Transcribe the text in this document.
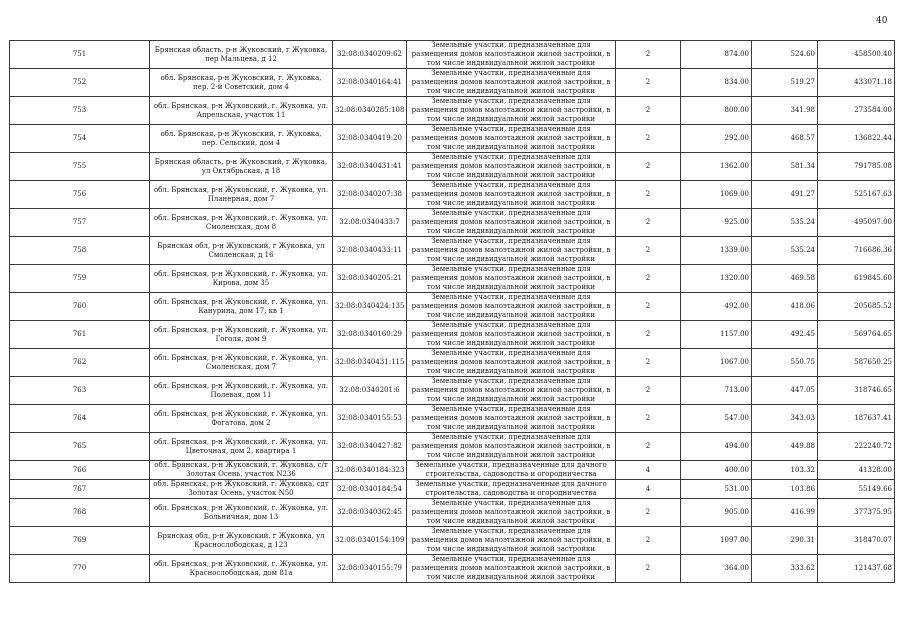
40
751	Брянская область, р-н Жуковский, г Жуковка, пер Мальцева, д 12	32:08:0340209:62	Земельные участки, предназначенные для размещения домов малоэтажной жилой застройки, в том числе индивидуальной жилой застройки	2	874.00	524.60	458500.40
752	обл. Брянская, р-н Жуковский, г. Жуковка, пер. 2-й Советский, дом 4	32:08:0340164:41	Земельные участки, предназначенные для размещения домов малоэтажной жилой застройки, в том числе индивидуальной жилой застройки	2	834.00	519.27	433071.18
753	обл. Брянская, р-н Жуковский, г. Жуковка, ул. Апрельская, участок 11	32:08:0340285:108	Земельные участки, предназначенные для размещения домов малоэтажной жилой застройки, в том числе индивидуальной жилой застройки	2	800.00	341.98	273584.00
754	обл. Брянская, р-н Жуковский, г. Жуковка, пер. Сельский, дом 4	32:08:0340419:20	Земельные участки, предназначенные для размещения домов малоэтажной жилой застройки, в том числе индивидуальной жилой застройки	2	292.00	468.57	136822.44
755	Брянская область, р-н Жуковский, г Жуковка, ул Октябрьская, д 18	32:08:0340431:41	Земельные участки, предназначенные для размещения домов малоэтажной жилой застройки, в том числе индивидуальной жилой застройки	2	1362.00	581.34	791785.08
756	обл. Брянская, р-н Жуковский, г. Жуковка, ул. Планерная, дом 7	32:08:0340207:38	Земельные участки, предназначенные для размещения домов малоэтажной жилой застройки, в том числе индивидуальной жилой застройки	2	1069.00	491.27	525167.63
757	обл. Брянская, р-н Жуковский, г. Жуковка, ул. Смоленская, дом 8	32:08:0340433:7	Земельные участки, предназначенные для размещения домов малоэтажной жилой застройки, в том числе индивидуальной жилой застройки	2	925.00	535.24	495097.00
758	Брянская обл, р-н Жуковский, г Жуковка, ул Смоленская, д 16	32:08:0340433:11	Земельные участки, предназначенные для размещения домов малоэтажной жилой застройки, в том числе индивидуальной жилой застройки	2	1339.00	535.24	716686.36
759	обл. Брянская, р-н Жуковский, г. Жуковка, ул. Кирова, дом 35	32:08:0340205:21	Земельные участки, предназначенные для размещения домов малоэтажной жилой застройки, в том числе индивидуальной жилой застройки	2	1320.00	469.58	619845.60
760	обл. Брянская, р-н Жуковский, г. Жуковка, ул. Канурина, дом 17, кв 1	32:08:0340424:135	Земельные участки, предназначенные для размещения домов малоэтажной жилой застройки, в том числе индивидуальной жилой застройки	2	492.00	418.06	205685.52
761	обл. Брянская, р-н Жуковский, г. Жуковка, ул. Гоголя, дом 9	32:08:0340160:29	Земельные участки, предназначенные для размещения домов малоэтажной жилой застройки, в том числе индивидуальной жилой застройки	2	1157.00	492.45	569764.65
762	обл. Брянская, р-н Жуковский, г. Жуковка, ул. Смоленская, дом 7	32:08:0340431:115	Земельные участки, предназначенные для размещения домов малоэтажной жилой застройки, в том числе индивидуальной жилой застройки	2	1067.00	550.75	587650.25
763	обл. Брянская, р-н Жуковский, г. Жуковка, ул. Полевая, дом 11	32:08:0340201:6	Земельные участки, предназначенные для размещения домов малоэтажной жилой застройки, в том числе индивидуальной жилой застройки	2	713.00	447.05	318746.65
764	обл. Брянская, р-н Жуковский, г. Жуковка, ул. Фогатова, дом 2	32:08:0340155:53	Земельные участки, предназначенные для размещения домов малоэтажной жилой застройки, в том числе индивидуальной жилой застройки	2	547.00	343.03	187637.41
765	обл. Брянская, р-н Жуковский, г. Жуковка, ул. Цветочная, дом 2, квартира 1	32:08:0340427:82	Земельные участки, предназначенные для размещения домов малоэтажной жилой застройки, в том числе индивидуальной жилой застройки	2	494.00	449.88	222240.72
766	обл. Брянская, р-н Жуковский, г. Жуковка, с/т Золотая Осень, участок N236	32:08:0340184:323	Земельные участки, предназначенные для дачного строительства, садоводства и огородничества	4	400.00	103.32	41328.00
767	обл. Брянская, р-н Жуковский, г. Жуковка, сдт Золотая Осень, участок N50	32:08:0340184:54	Земельные участки, предназначенные для дачного строительства, садоводства и огородничества	4	531.00	103.86	55149.66
768	обл. Брянская, р-н Жуковский, г. Жуковка, ул. Больничная, дом 13	32:08:0340362:45	Земельные участки, предназначенные для размещения домов малоэтажной жилой застройки, в том числе индивидуальной жилой застройки	2	905.00	416.99	377375.95
769	Брянская обл, р-н Жуковский, г Жуковка, ул Краснослободская, д 123	32:08:0340154:109	Земельные участки, предназначенные для размещения домов малоэтажной жилой застройки, в том числе индивидуальной жилой застройки	2	1097.00	290.31	318470.07
770	обл. Брянская, р-н Жуковский, г. Жуковка, ул. Краснослободская, дом 81а	32:08:0340155:79	Земельные участки, предназначенные для размещения домов малоэтажной жилой застройки, в том числе индивидуальной жилой застройки	2	364.00	333.62	121437.68
